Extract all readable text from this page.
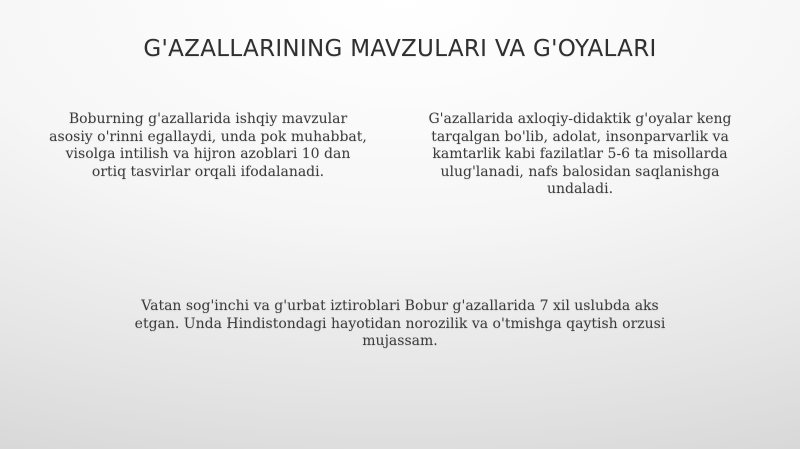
G'AZALLARINING MAVZULARI VA G'OYALARI
Boburning g'azallarida ishqiy mavzular asosiy o'rinni egallaydi, unda pok muhabbat, visolga intilish va hijron azoblari 10 dan ortiq tasvirlar orqali ifodalanadi.
G'azallarida axloqiy-didaktik g'oyalar keng tarqalgan bo'lib, adolat, insonparvarlik va kamtarlik kabi fazilatlar 5-6 ta misollarda ulug'lanadi, nafs balosidan saqlanishga undaladi.
Vatan sog'inchi va g'urbat iztiroblari Bobur g'azallarida 7 xil uslubda aks etgan. Unda Hindistondagi hayotidan norozilik va o'tmishga qaytish orzusi mujassam.
